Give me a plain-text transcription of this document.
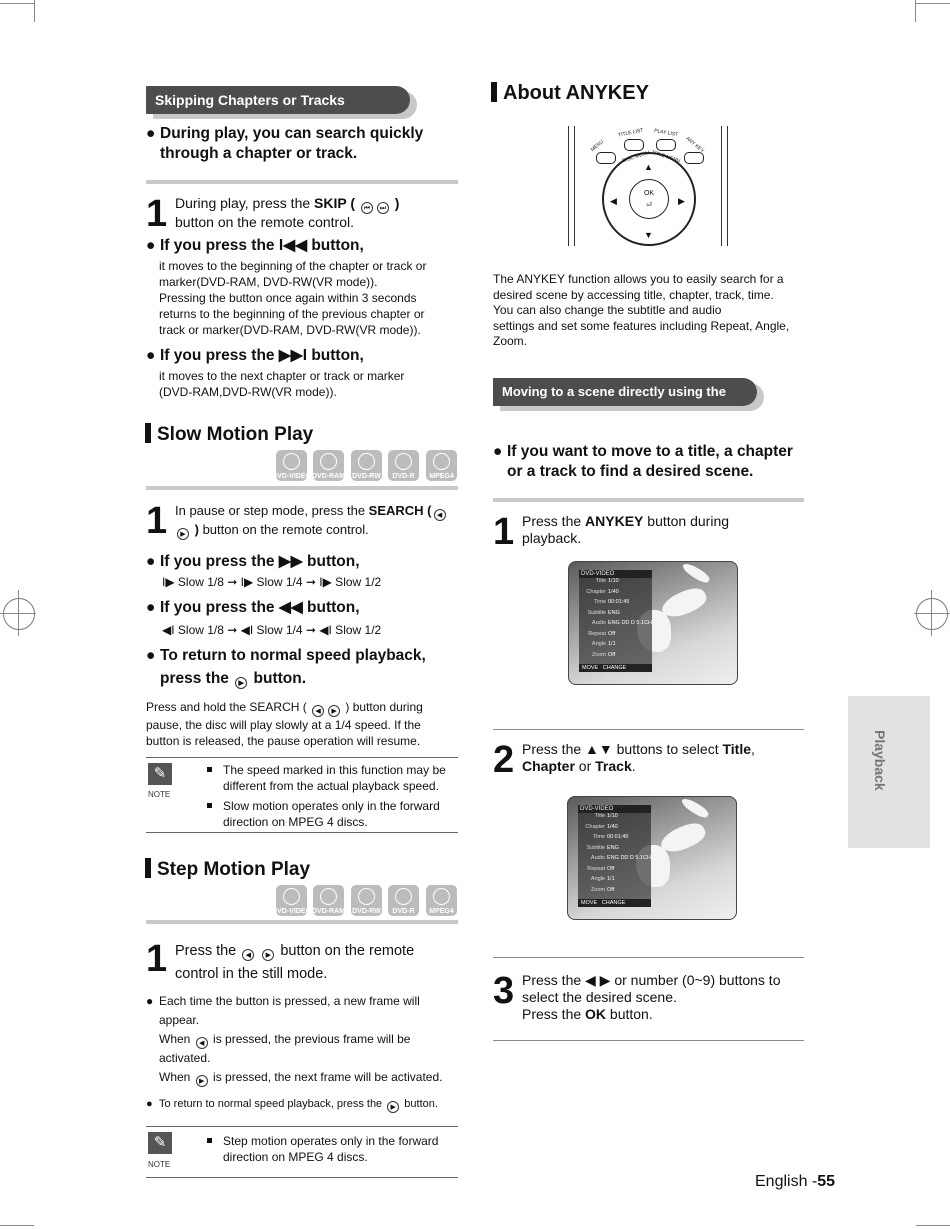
Skipping Chapters or Tracks
● During play, you can search quickly
through a chapter or track.
1 During play, press the SKIP ( ⏮ ⏭ )
button on the remote control.
● If you press the I◀◀ button,
it moves to the beginning of the chapter or track or
marker(DVD-RAM, DVD-RW(VR mode)).
Pressing the button once again within 3 seconds
returns to the beginning of the previous chapter or
track or marker(DVD-RAM, DVD-RW(VR mode)).
● If you press the ▶▶I button,
it moves to the next chapter or track or marker
(DVD-RAM,DVD-RW(VR mode)).
Slow Motion Play
DVD-VIDEO DVD-RAM	DVD-RW	DVD-R	MPEG4
1 In pause or step mode, press the SEARCH ( ◀
▶ ) button on the remote control.
● If you press the ▶▶ button,
I▶ Slow 1/8 ➞ I▶ Slow 1/4 ➞ I▶ Slow 1/2
● If you press the ◀◀ button,
◀I Slow 1/8 ➞ ◀I Slow 1/4 ➞ ◀I Slow 1/2
● To return to normal speed playback,
press the ▶ button.
Press and hold the SEARCH ( ◀ ▶ ) button during
pause, the disc will play slowly at a 1/4 speed. If the
button is released, the pause operation will resume.
✎
NOTE
The speed marked in this function may be
different from the actual playback speed.
Slow motion operates only in the forward
direction on MPEG 4 discs.
Step Motion Play
DVD-VIDEO DVD-RAM	DVD-RW	DVD-R	MPEG4
1 Press the ◀ ▶ button on the remote
control in the still mode.
● Each time the button is pressed, a new frame will
appear.
When ◀ is pressed, the previous frame will be
activated.
When ▶ is pressed, the next frame will be activated.
● To return to normal speed playback, press the ▶ button.
✎
NOTE
Step motion operates only in the forward
direction on MPEG 4 discs.
About ANYKEY
OK
⏎
▲
▼
◀	▶
MENU
TITLE LIST PLAY LIST
ANY KEY
DISC MENU TITLE MENU
The ANYKEY function allows you to easily search for a
desired scene by accessing title, chapter, track, time.
You can also change the subtitle and audio
settings and set some features including Repeat, Angle,
Zoom.
Moving to a scene directly using the ANYKEY
● If you want to move to a title, a chapter
or a track to find a desired scene.
1 Press the ANYKEY button during
playback.
DVD-VIDEO
Title 1/10
Chapter 1/40
Time 00:01:45
Subtitle ENG
Audio ENG DD D 5.1CH
Repeat Off
Angle 1/1
Zoom Off
MOVE CHANGE
2 Press the ▲▼ buttons to select Title,
Chapter or Track.
DVD-VIDEO
Title 1/10
Chapter 1/40
Time 00:01:45
Subtitle ENG
Audio ENG DD D 5.1CH
Repeat Off
Angle 1/1
Zoom Off
MOVE CHANGE
3 Press the ◀ ▶ or number (0~9) buttons to
select the desired scene.
Press the OK button.
Playback
English -55
